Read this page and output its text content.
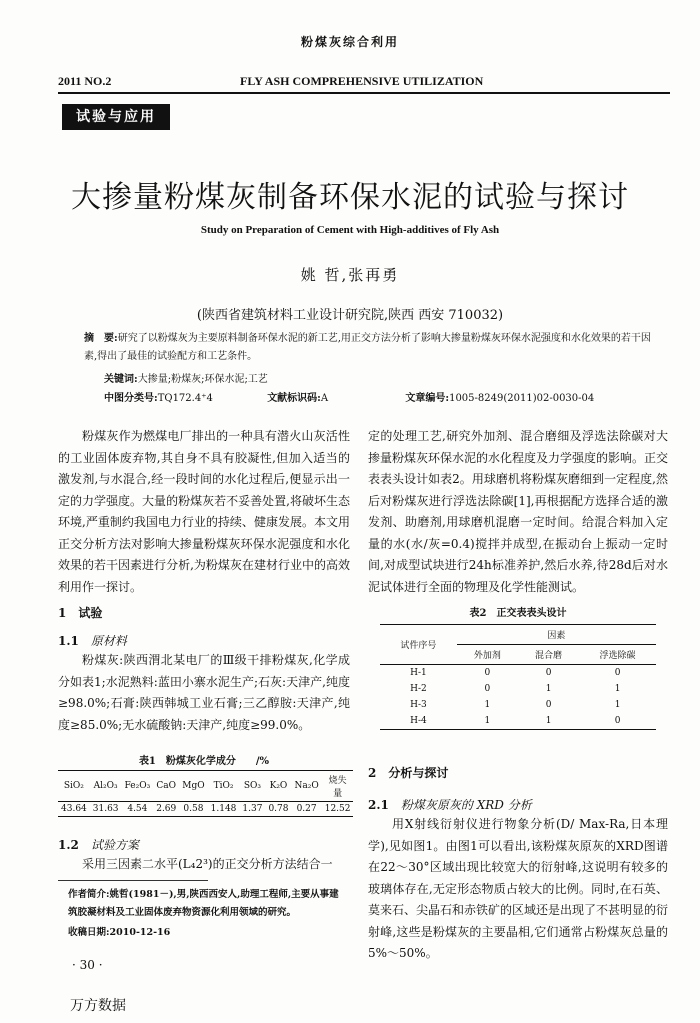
粉煤灰综合利用
2011 NO.2	FLY ASH COMPREHENSIVE UTILIZATION
试验与应用
大掺量粉煤灰制备环保水泥的试验与探讨
Study on Preparation of Cement with High-additives of Fly Ash
姚 哲,张再勇
(陕西省建筑材料工业设计研究院,陕西 西安 710032)
摘　要:研究了以粉煤灰为主要原料制备环保水泥的新工艺,用正交方法分析了影响大掺量粉煤灰环保水泥强度和水化效果的若干因素,得出了最佳的试验配方和工艺条件。
关键词:大掺量;粉煤灰;环保水泥;工艺
中图分类号:TQ172.4⁺4	文献标识码:A	文章编号:1005-8249(2011)02-0030-04
粉煤灰作为燃煤电厂排出的一种具有潜火山灰活性的工业固体废弃物,其自身不具有胶凝性,但加入适当的激发剂,与水混合,经一段时间的水化过程后,便显示出一定的力学强度。大量的粉煤灰若不妥善处置,将破坏生态环境,严重制约我国电力行业的持续、健康发展。本文用正交分析方法对影响大掺量粉煤灰环保水泥强度和水化效果的若干因素进行分析,为粉煤灰在建材行业中的高效利用作一探讨。
1　试验
1.1　 原材料
粉煤灰:陕西渭北某电厂的Ⅲ级干排粉煤灰,化学成分如表1;水泥熟料:蓝田小寨水泥生产;石灰:天津产,纯度≥98.0%;石膏:陕西韩城工业石膏;三乙醇胺:天津产,纯度≥85.0%;无水硫酸钠:天津产,纯度≥99.0%。
表1　粉煤灰化学成分　　/%
SiO₂	Al₂O₃	Fe₂O₃	CaO	MgO	TiO₂	SO₃	K₂O	Na₂O	烧失量
43.64	31.63	4.54	2.69	0.58	1.148	1.37	0.78	0.27	12.52
1.2　 试验方案
采用三因素二水平(L₄2³)的正交分析方法结合一
作者简介:姚哲(1981－),男,陕西西安人,助理工程师,主要从事建筑胶凝材料及工业固体废弃物资源化利用领域的研究。
收稿日期:2010-12-16
· 30 ·
定的处理工艺,研究外加剂、混合磨细及浮选法除碳对大掺量粉煤灰环保水泥的水化程度及力学强度的影响。正交表表头设计如表2。用球磨机将粉煤灰磨细到一定程度,然后对粉煤灰进行浮选法除碳[1],再根据配方选择合适的激发剂、助磨剂,用球磨机混磨一定时间。给混合料加入定量的水(水/灰=0.4)搅拌并成型,在振动台上振动一定时间,对成型试块进行24h标准养护,然后水养,待28d后对水泥试体进行全面的物理及化学性能测试。
表2　正交表表头设计
试件序号	因素		
	外加剂	混合磨	浮选除碳
H-1	0	0	0
H-2	0	1	1
H-3	1	0	1
H-4	1	1	0
2　分析与探讨
2.1　 粉煤灰原灰的 XRD 分析
用X射线衍射仪进行物象分析(D/ Max-Ra,日本理学),见如图1。由图1可以看出,该粉煤灰原灰的XRD图谱在22～30°区域出现比较宽大的衍射峰,这说明有较多的玻璃体存在,无定形态物质占较大的比例。同时,在石英、莫来石、尖晶石和赤铁矿的区域还是出现了不甚明显的衍射峰,这些是粉煤灰的主要晶相,它们通常占粉煤灰总量的5%～50%。
万方数据
